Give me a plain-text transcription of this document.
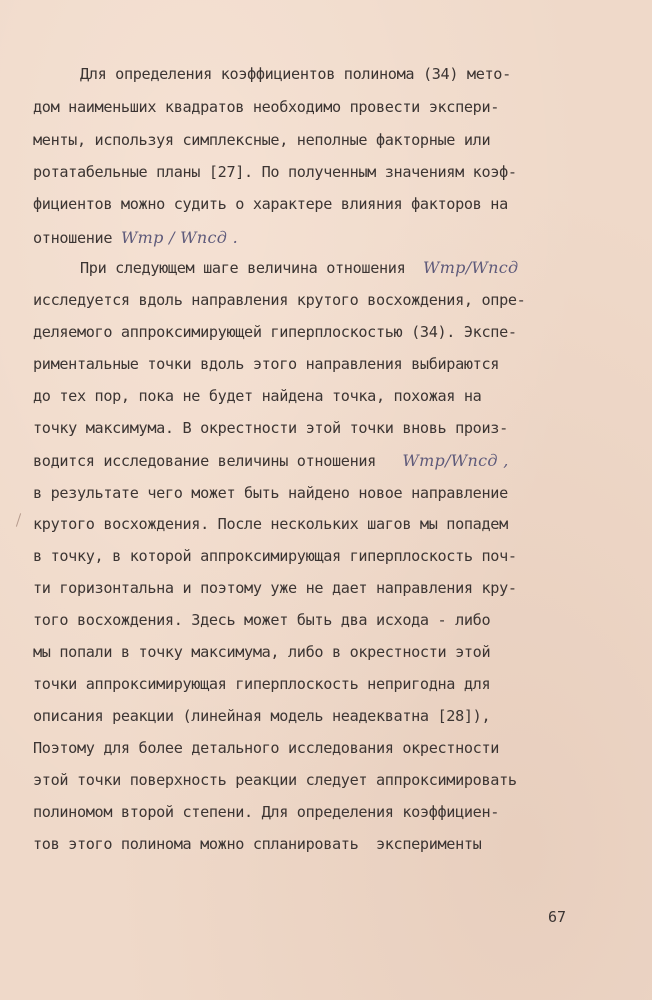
Для определения коэффициентов полинома (34) мето-
дом наименьших квадратов необходимо провести экспери-
менты, используя симплексные, неполные факторные или
ротатабельные планы [27]. По полученным значениям коэф-
фициентов можно судить о характере влияния факторов на
отношение Wтр / Wпсд .
При следующем шаге величина отношения  Wтр/Wпсд
исследуется вдоль направления крутого восхождения, опре-
деляемого аппроксимирующей гиперплоскостью (34). Экспе-
риментальные точки вдоль этого направления выбираются
до тех пор, пока не будет найдена точка, похожая на
точку максимума. В окрестности этой точки вновь произ-
водится исследование величины отношения   Wтр/Wпсд ,
в результате чего может быть найдено новое направление
крутого восхождения. После нескольких шагов мы попадем
в точку, в которой аппроксимирующая гиперплоскость поч-
ти горизонтальна и поэтому уже не дает направления кру-
того восхождения. Здесь может быть два исхода - либо
мы попали в точку максимума, либо в окрестности этой
точки аппроксимирующая гиперплоскость непригодна для
описания реакции (линейная модель неадекватна [28]),
Поэтому для более детального исследования окрестности
этой точки поверхность реакции следует аппроксимировать
полиномом второй степени. Для определения коэффициен-
тов этого полинома можно спланировать  эксперименты
67
